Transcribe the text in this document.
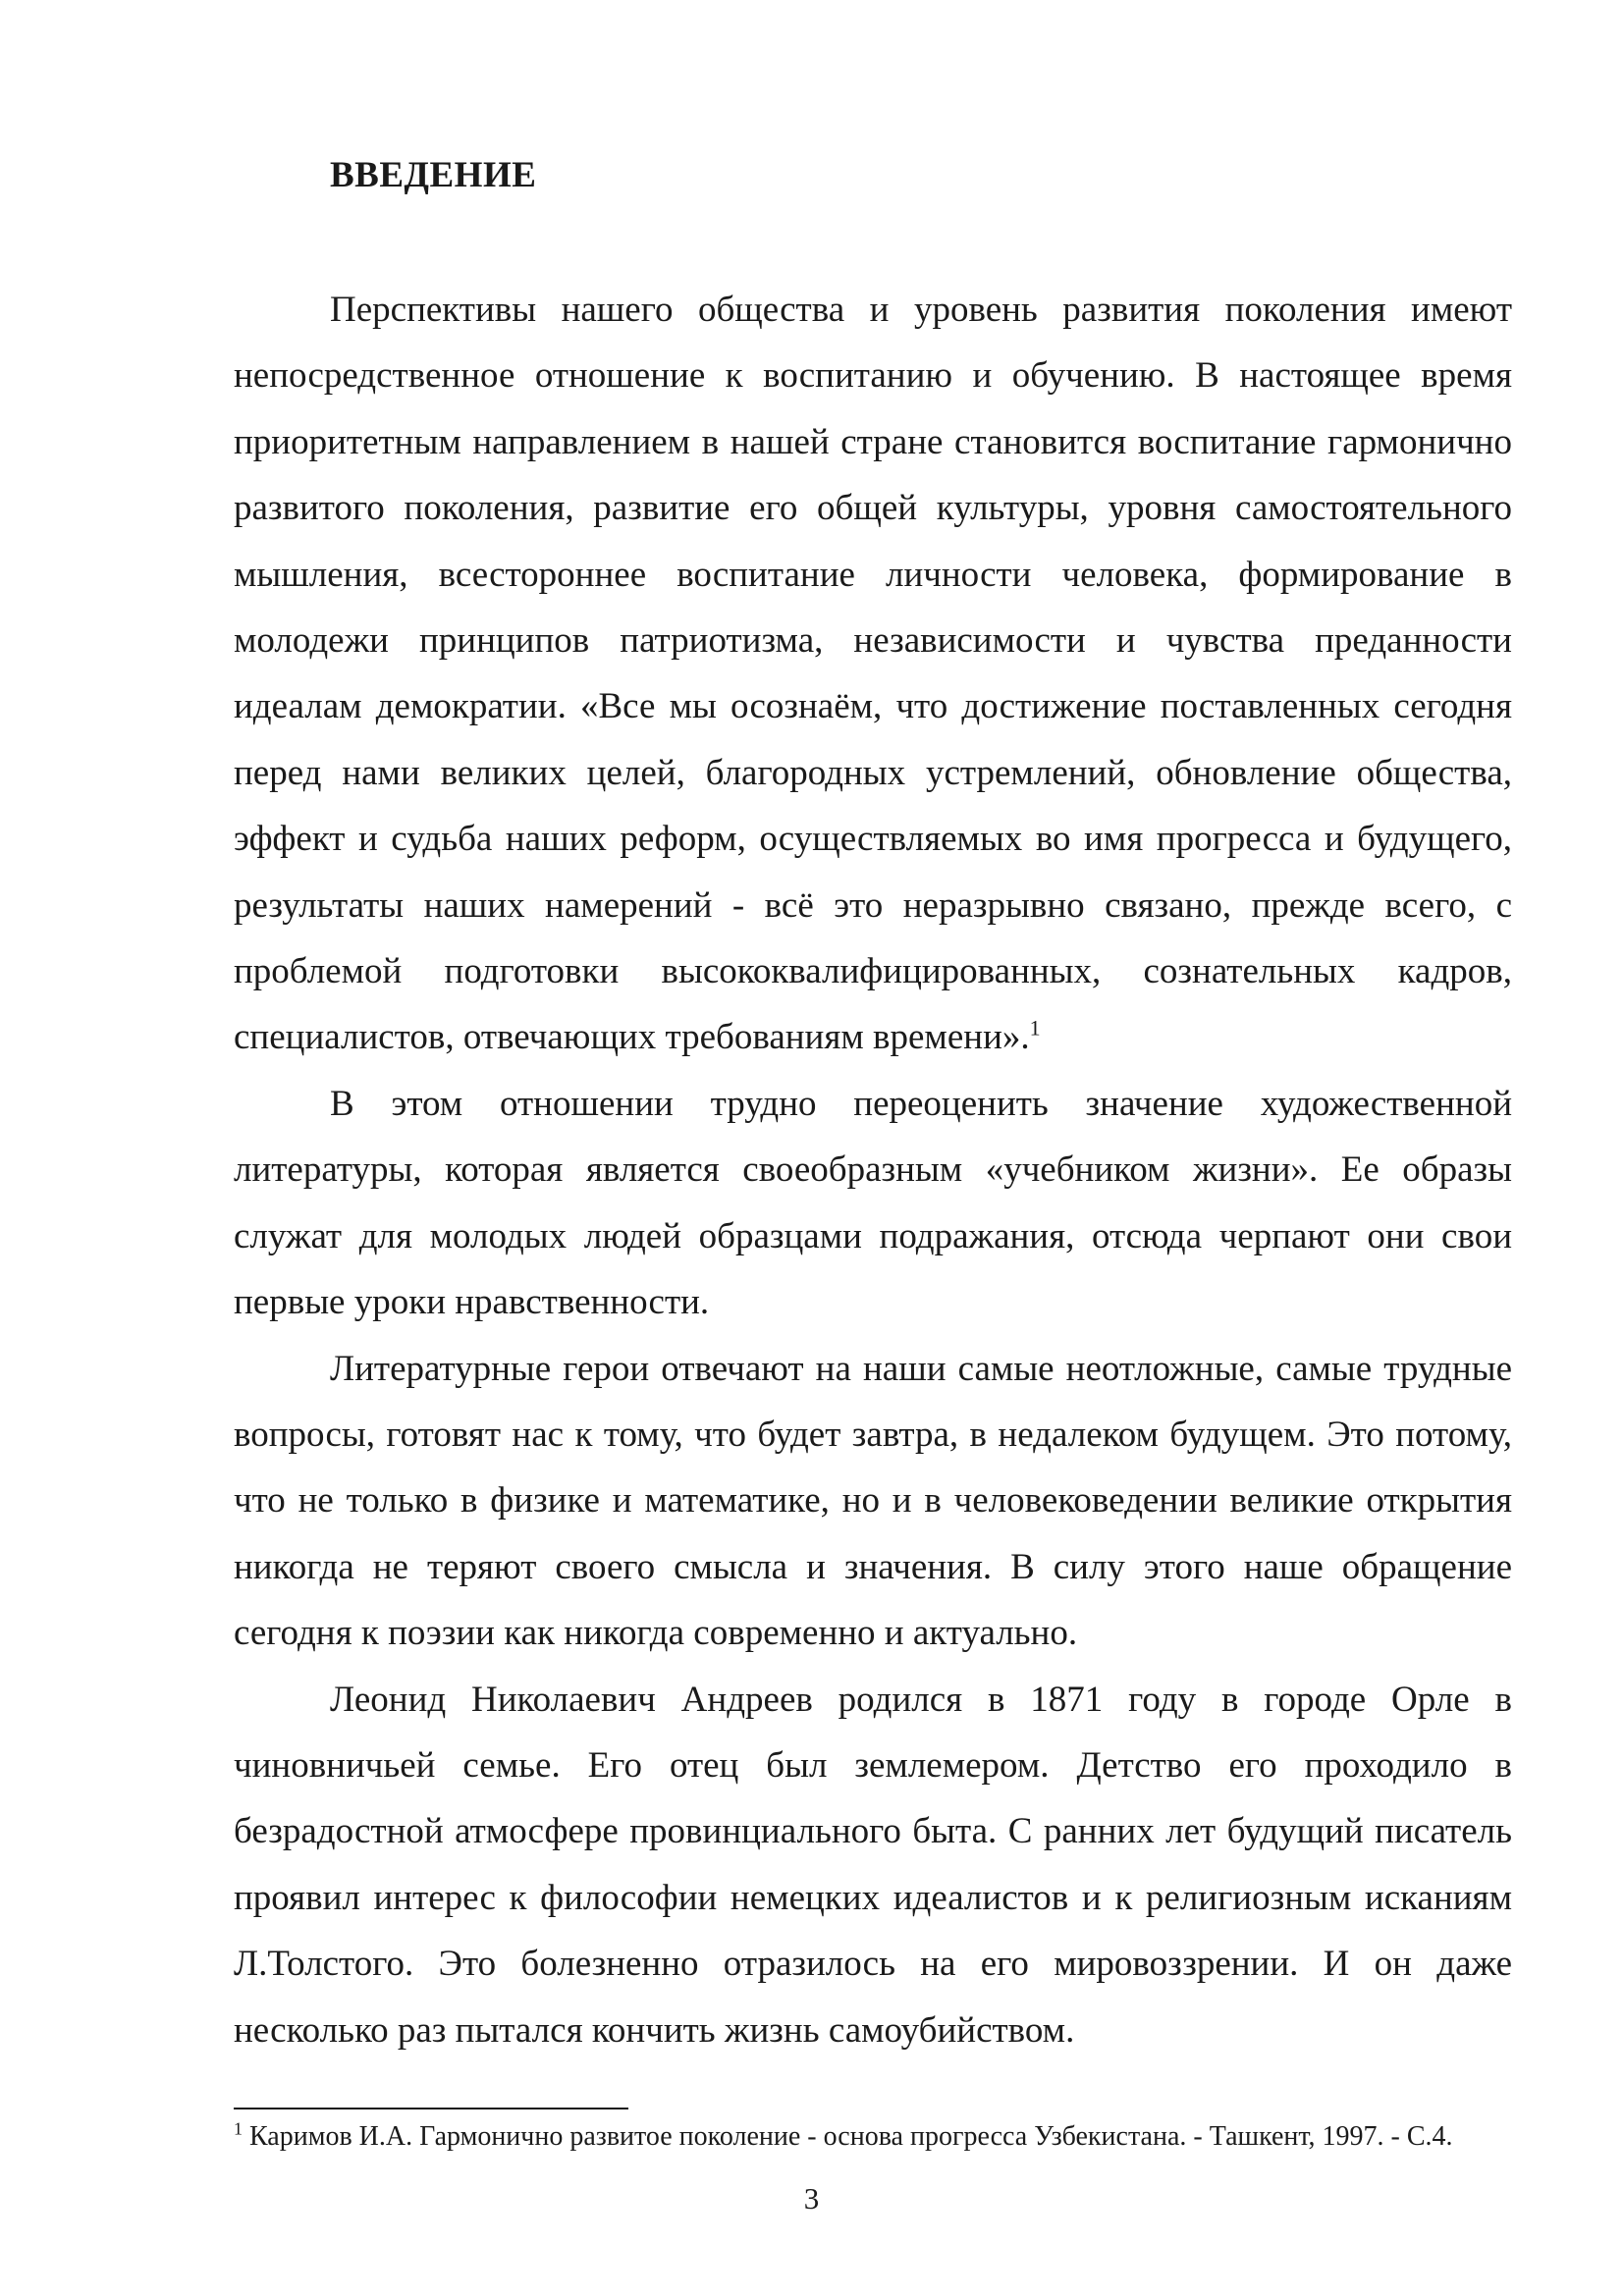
ВВЕДЕНИЕ

Перспективы нашего общества и уровень развития поколения имеют непосредственное отношение к воспитанию и обучению. В настоящее время приоритетным направлением в нашей стране становится воспитание гармонично развитого поколения, развитие его общей культуры, уровня самостоятельного мышления, всестороннее воспитание личности человека, формирование в молодежи принципов патриотизма, независимости и чувства преданности идеалам демократии. «Все мы осознаём, что достижение поставленных сегодня перед нами великих целей, благородных устремлений, обновление общества, эффект и судьба наших реформ, осуществляемых во имя прогресса и будущего, результаты наших намерений - всё это неразрывно связано, прежде всего, с проблемой подготовки высококвалифицированных, сознательных кадров, специалистов, отвечающих требованиям времени».$^1$

В этом отношении трудно переоценить значение художественной литературы, которая является своеобразным «учебником жизни». Ее образы служат для молодых людей образцами подражания, отсюда черпают они свои первые уроки нравственности.

Литературные герои отвечают на наши самые неотложные, самые трудные вопросы, готовят нас к тому, что будет завтра, в недалеком будущем. Это потому, что не только в физике и математике, но и в человековедении великие открытия никогда не теряют своего смысла и значения. В силу этого наше обращение сегодня к поэзии как никогда современно и актуально.

Леонид Николаевич Андреев родился в 1871 году в городе Орле в чиновничьей семье. Его отец был землемером. Детство его проходило в безрадостной атмосфере провинциального быта. С ранних лет будущий писатель проявил интерес к философии немецких идеалистов и к религиозным исканиям Л.Толстого. Это болезненно отразилось на его мировоззрении. И он даже несколько раз пытался кончить жизнь самоубийством.

$^1$ Каримов И.А. Гармонично развитое поколение - основа прогресса Узбекистана. - Ташкент, 1997. - С.4.

3
